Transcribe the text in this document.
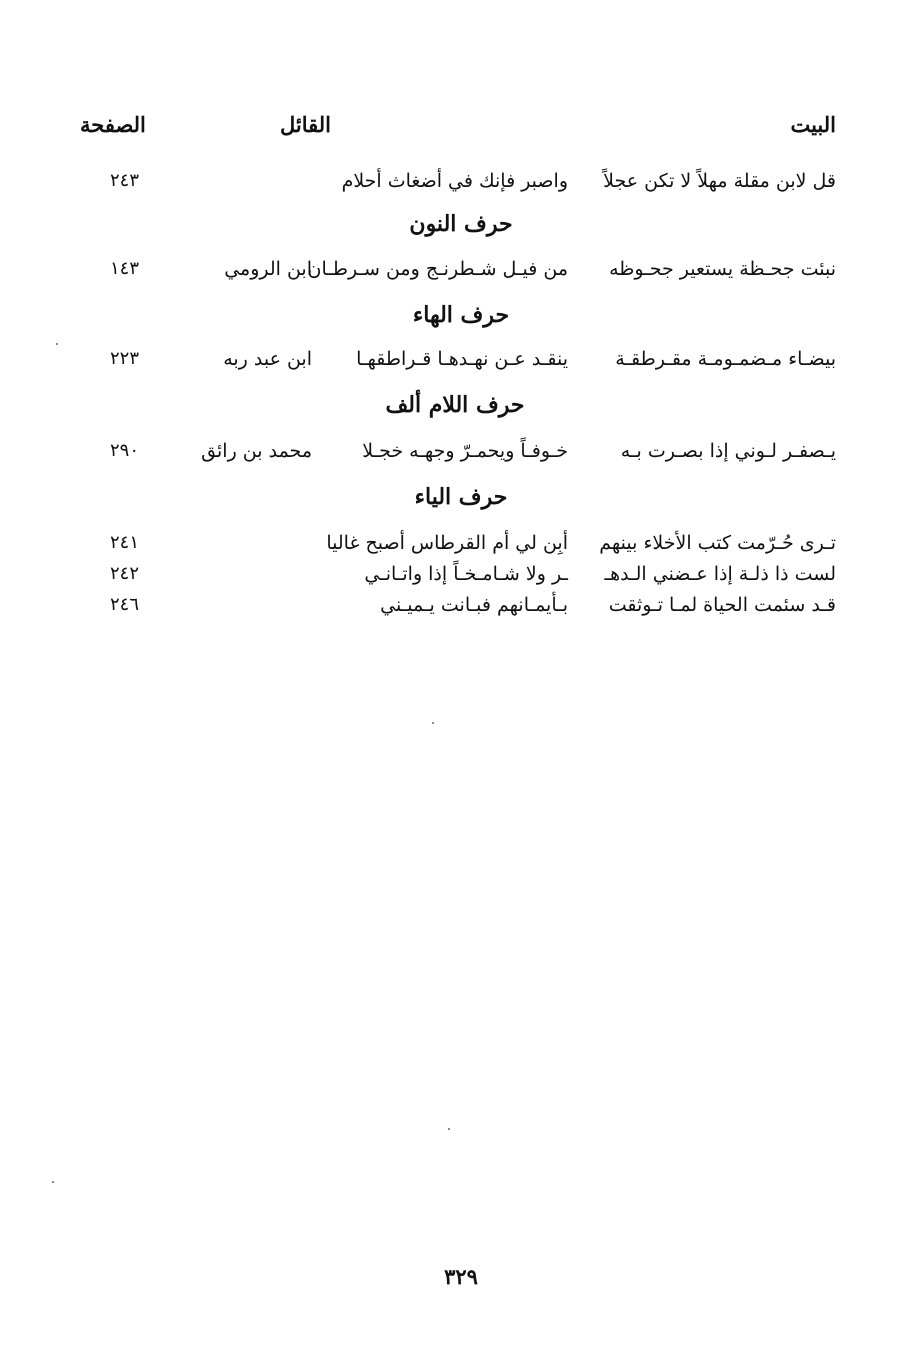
البيت
القائل
الصفحة
قل لابن مقلة مهلاً لا تكن عجلاً
واصبر فإنك في أضغاث أحلام
٢٤٣
حرف النون
نبئت جحـظة يستعير جحـوظه
من فيـل شـطرنـج ومن سـرطـان
ابن الرومي
١٤٣
حرف الهاء
بيضـاء مـضمـومـة مقـرطقـة
ينقـد عـن نهـدهـا قـراطقهـا
ابن عبد ربه
٢٢٣
حرف اللام ألف
يـصفـر لـوني إذا بصـرت بـه
خـوفـاً ويحمـرّ وجهـه خجـلا
محمد بن رائق
٢٩٠
حرف الياء
تـرى حُـرّمت كتب الأخلاء بينهم
أبِن لي أم القرطاس أصبح غاليا
٢٤١
لست ذا ذلـة إذا عـضني الـدهـ
ـر ولا شـامـخـاً إذا واتـانـي
٢٤٢
قـد سئمت الحياة لمـا تـوثقت
بـأيمـانهم فبـانت يـميـني
٢٤٦
٣٢٩
